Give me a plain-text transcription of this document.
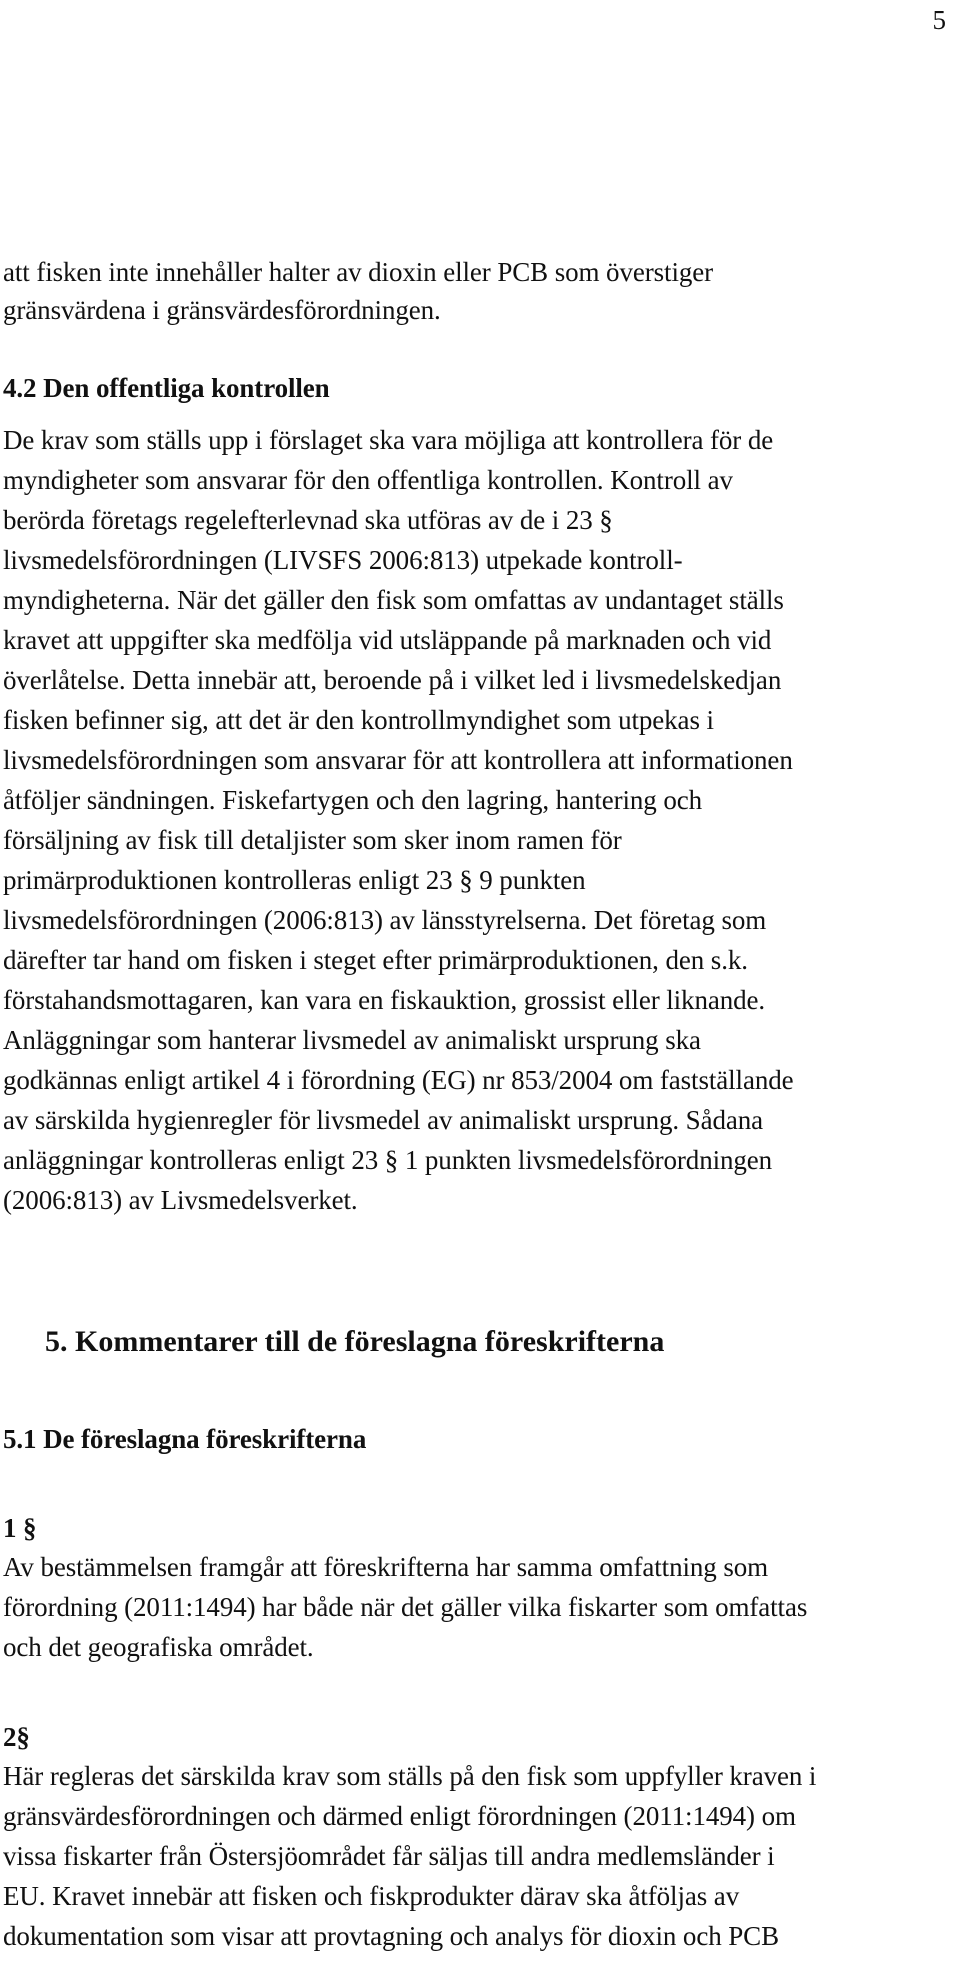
5
att fisken inte innehåller halter av dioxin eller PCB som överstiger
gränsvärdena i gränsvärdesförordningen.
4.2 Den offentliga kontrollen
De krav som ställs upp i förslaget ska vara möjliga att kontrollera för de
myndigheter som ansvarar för den offentliga kontrollen. Kontroll av
berörda företags regelefterlevnad ska utföras av de i 23 §
livsmedelsförordningen (LIVSFS 2006:813) utpekade kontroll-
myndigheterna. När det gäller den fisk som omfattas av undantaget ställs
kravet att uppgifter ska medfölja vid utsläppande på marknaden och vid
överlåtelse. Detta innebär att, beroende på i vilket led i livsmedelskedjan
fisken befinner sig, att det är den kontrollmyndighet som utpekas i
livsmedelsförordningen som ansvarar för att kontrollera att informationen
åtföljer sändningen. Fiskefartygen och den lagring, hantering och
försäljning av fisk till detaljister som sker inom ramen för
primärproduktionen kontrolleras enligt 23 § 9 punkten
livsmedelsförordningen (2006:813) av länsstyrelserna. Det företag som
därefter tar hand om fisken i steget efter primärproduktionen, den s.k.
förstahandsmottagaren, kan vara en fiskauktion, grossist eller liknande.
Anläggningar som hanterar livsmedel av animaliskt ursprung ska
godkännas enligt artikel 4 i förordning (EG) nr 853/2004 om fastställande
av särskilda hygienregler för livsmedel av animaliskt ursprung. Sådana
anläggningar kontrolleras enligt 23 § 1 punkten livsmedelsförordningen
(2006:813) av Livsmedelsverket.
5. Kommentarer till de föreslagna föreskrifterna
5.1 De föreslagna föreskrifterna
1 §
Av bestämmelsen framgår att föreskrifterna har samma omfattning som
förordning (2011:1494) har både när det gäller vilka fiskarter som omfattas
och det geografiska området.
2§
Här regleras det särskilda krav som ställs på den fisk som uppfyller kraven i
gränsvärdesförordningen och därmed enligt förordningen (2011:1494) om
vissa fiskarter från Östersjöområdet får säljas till andra medlemsländer i
EU. Kravet innebär att fisken och fiskprodukter därav ska åtföljas av
dokumentation som visar att provtagning och analys för dioxin och PCB
